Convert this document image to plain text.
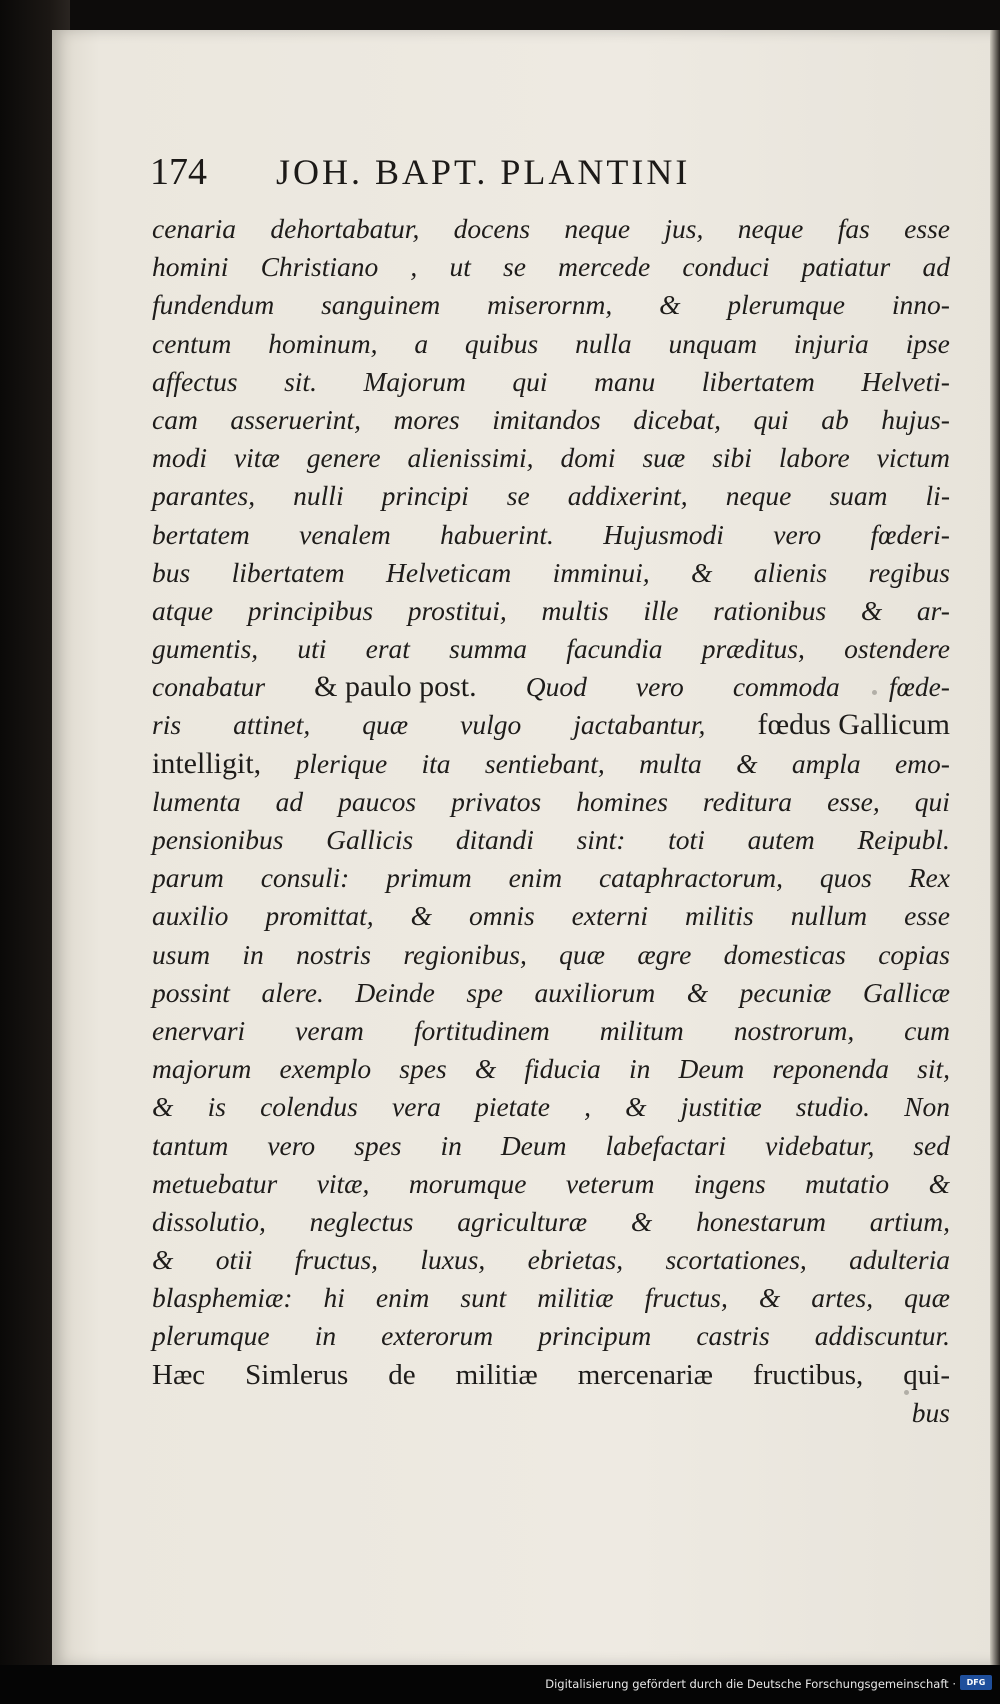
174 JOH. BAPT. PLANTINI
cenaria dehortabatur, docens neque jus, neque fas esse
homini Christiano , ut se mercede conduci patiatur ad
fundendum sanguinem miserornm, & plerumque inno-
centum hominum, a quibus nulla unquam injuria ipse
affectus sit. Majorum qui manu libertatem Helveti-
cam asseruerint, mores imitandos dicebat, qui ab hujus-
modi vitæ genere alienissimi, domi suæ sibi labore victum
parantes, nulli principi se addixerint, neque suam li-
bertatem venalem habuerint. Hujusmodi vero fœderi-
bus libertatem Helveticam imminui, & alienis regibus
atque principibus prostitui, multis ille rationibus & ar-
gumentis, uti erat summa facundia præditus, ostendere
conabatur & paulo post. Quod vero commoda fœde-
ris attinet, quæ vulgo jactabantur, fœdus Gallicum
intelligit, plerique ita sentiebant, multa & ampla emo-
lumenta ad paucos privatos homines reditura esse, qui
pensionibus Gallicis ditandi sint: toti autem Reipubl.
parum consuli: primum enim cataphractorum, quos Rex
auxilio promittat, & omnis externi militis nullum esse
usum in nostris regionibus, quæ ægre domesticas copias
possint alere. Deinde spe auxiliorum & pecuniæ Gallicæ
enervari veram fortitudinem militum nostrorum, cum
majorum exemplo spes & fiducia in Deum reponenda sit,
& is colendus vera pietate , & justitiæ studio. Non
tantum vero spes in Deum labefactari videbatur, sed
metuebatur vitæ, morumque veterum ingens mutatio &
dissolutio, neglectus agriculturæ & honestarum artium,
& otii fructus, luxus, ebrietas, scortationes, adulteria
blasphemiæ: hi enim sunt militiæ fructus, & artes, quæ
plerumque in exterorum principum castris addiscuntur.
Hæc Simlerus de militiæ mercenariæ fructibus, qui-
bus
Digitalisierung gefördert durch die Deutsche Forschungsgemeinschaft ·	DFG
